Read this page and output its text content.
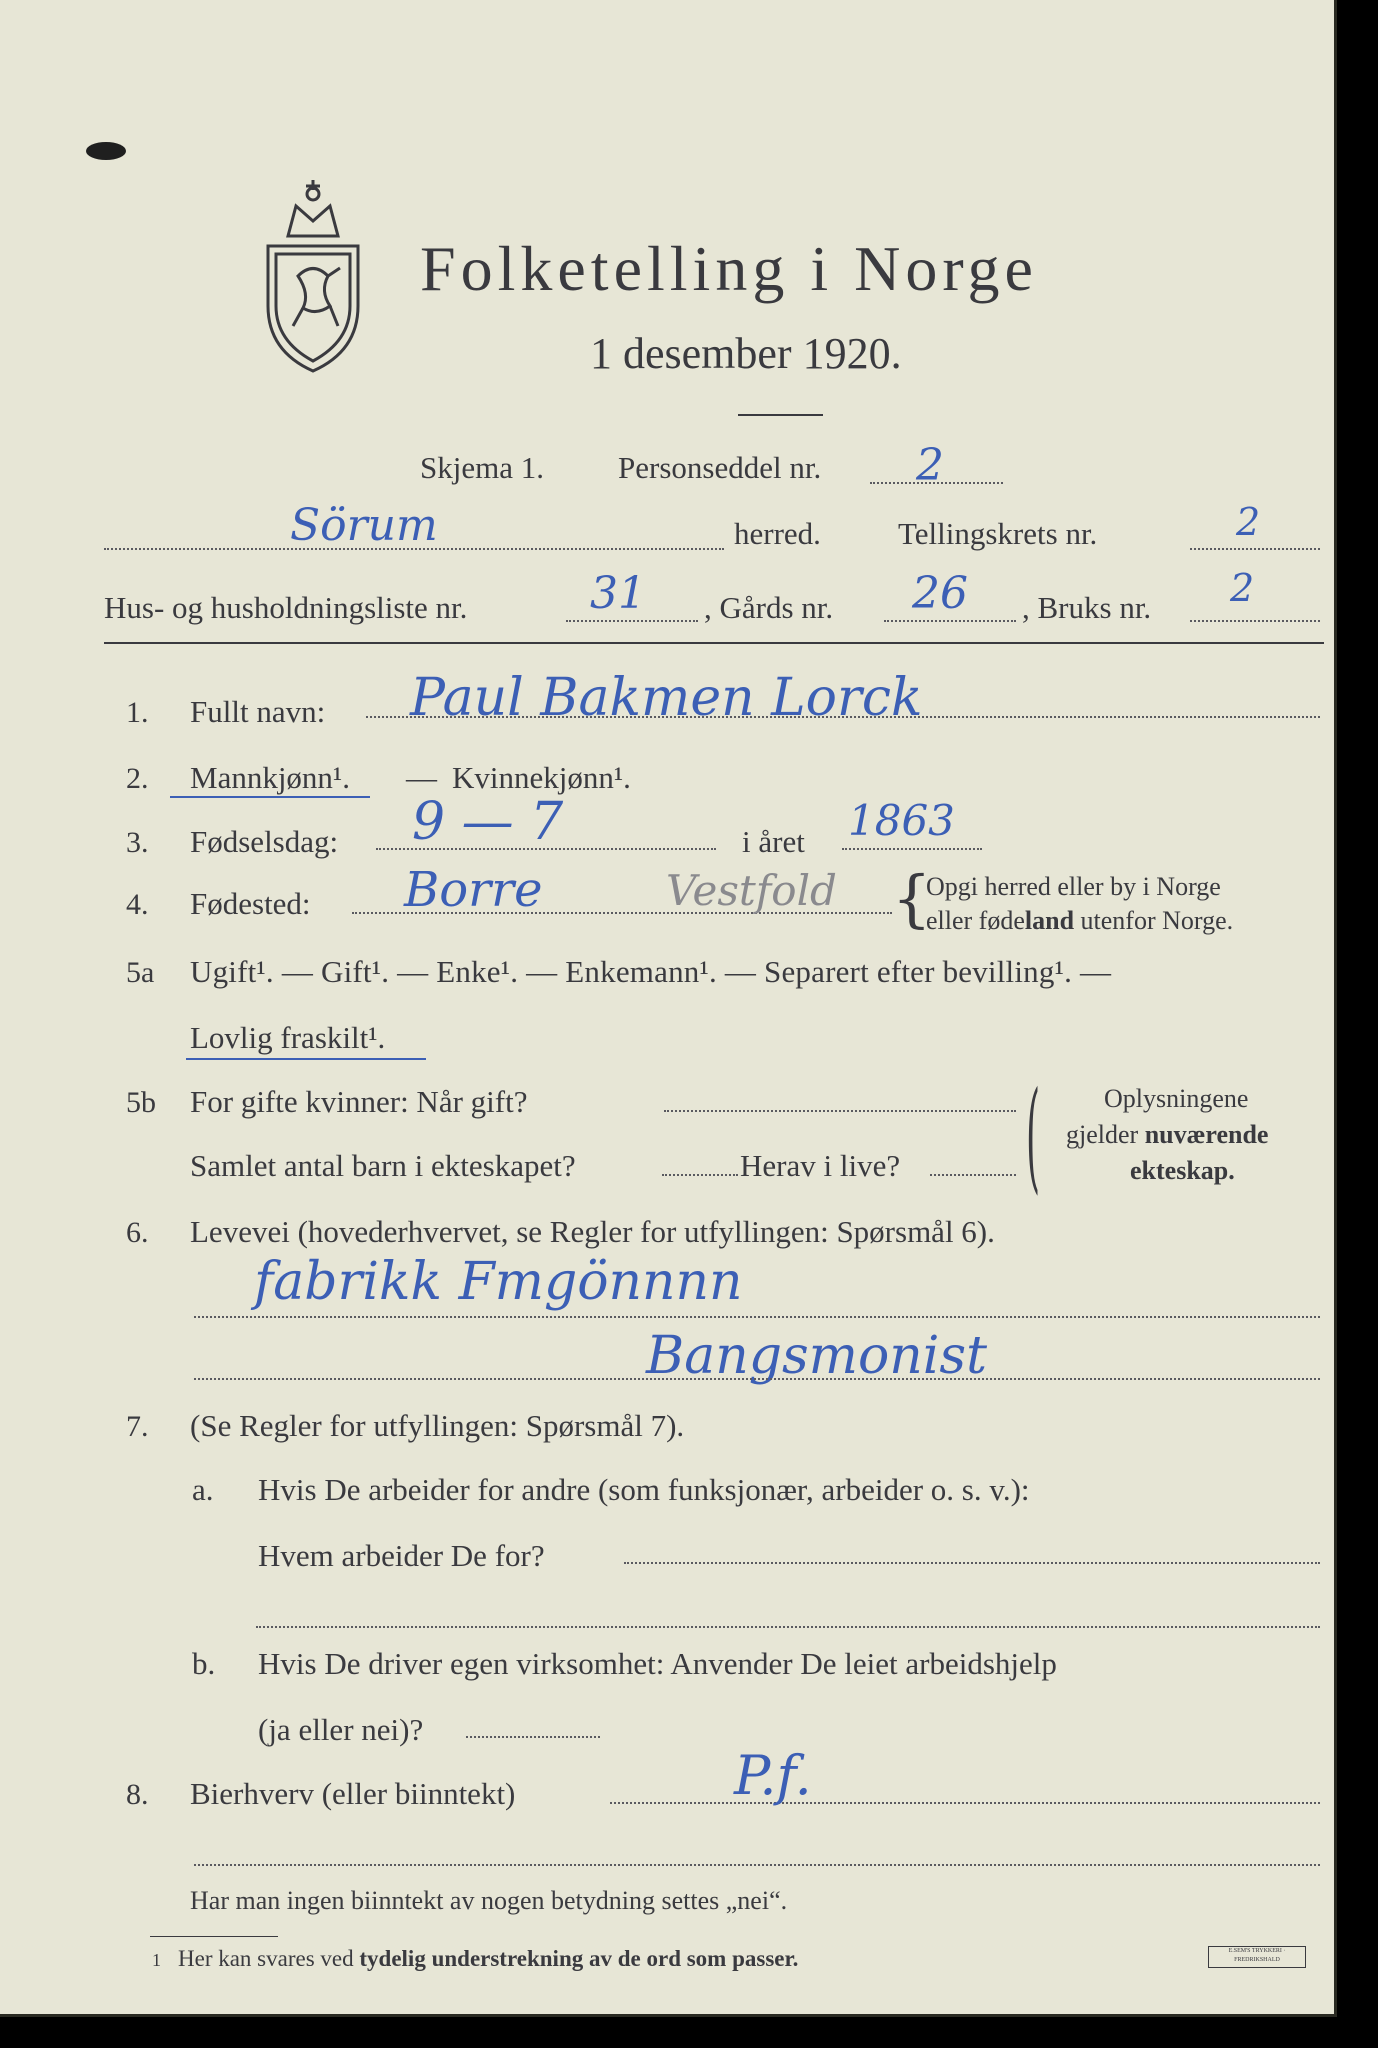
Folketelling i Norge
1 desember 1920.
Skjema 1. Personseddel nr. 2
Sörum	herred. Tellingskrets nr.	2
Hus- og husholdningsliste nr.	31 , Gårds nr. 26 , Bruks nr. 2
1. Fullt navn: Paul Bakmen Lorck
2. Mannkjønn¹. — Kvinnekjønn¹.
3. Fødselsdag: 9 — 7	i året 1863
4. Fødested: Borre	Vestfold {
Opgi herred eller by i Norge
eller fødeland utenfor Norge.
5a Ugift¹. — Gift¹. — Enke¹. — Enkemann¹. — Separert efter bevilling¹. —
Lovlig fraskilt¹.
5b For gifte kvinner: Når gift?
Samlet antal barn i ekteskapet?	Herav i live? ( Oplysningene
gjelder nuværende
ekteskap.
6. Levevei (hovederhvervet, se Regler for utfyllingen: Spørsmål 6).
fabrikk Fmgönnnn
Bangsmonist
7. (Se Regler for utfyllingen: Spørsmål 7).
a. Hvis De arbeider for andre (som funksjonær, arbeider o. s. v.):
Hvem arbeider De for?
b. Hvis De driver egen virksomhet: Anvender De leiet arbeidshjelp
(ja eller nei)?
8. Bierhverv (eller biinntekt)	P.f.
Har man ingen biinntekt av nogen betydning settes „nei“.
1 Her kan svares ved tydelig understrekning av de ord som passer.	E.SEM'S TRYKKERI · FREDRIKSHALD
